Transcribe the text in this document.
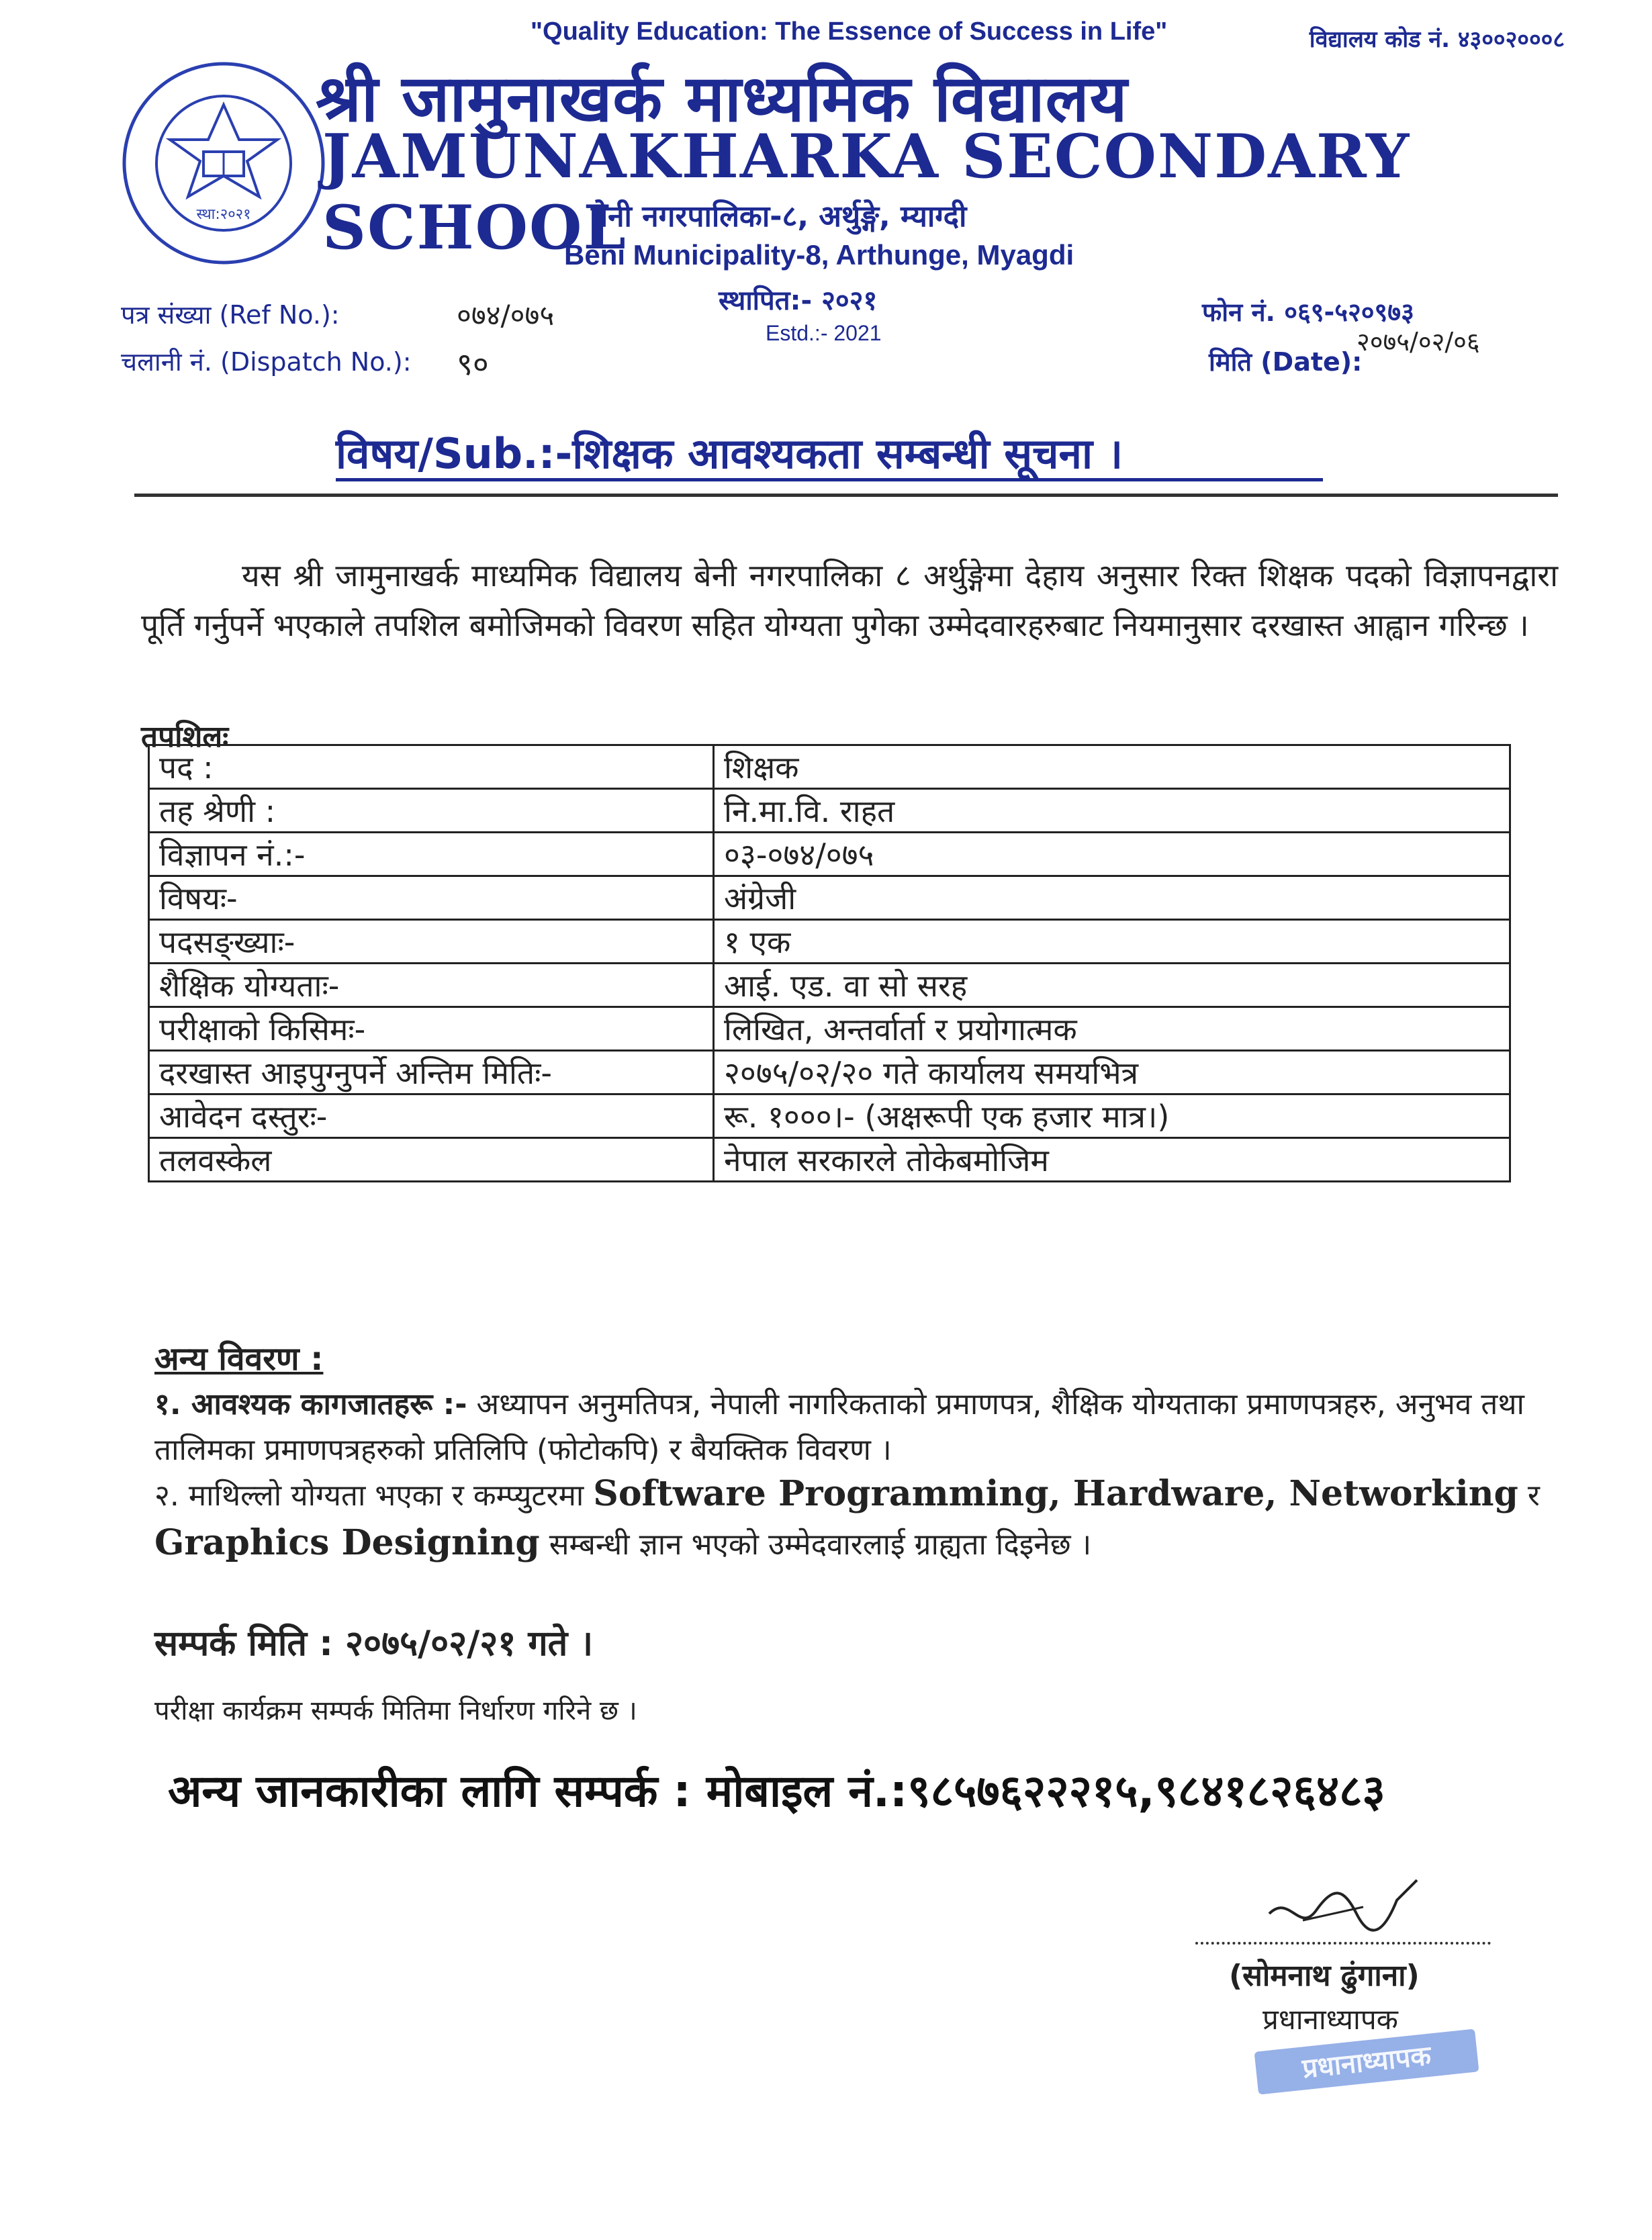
स्था:२०२१
"Quality Education: The Essence of Success in Life"	विद्यालय कोड नं. ४३००२०००८
श्री जामुनाखर्क माध्यमिक विद्यालय
JAMUNAKHARKA SECONDARY SCHOOL
बेनी नगरपालिका-८, अर्थुङ्गे, म्याग्दी
Beni Municipality-8, Arthunge, Myagdi
स्थापित:- २०२१
Estd.:- 2021
पत्र संख्या (Ref No.):	०७४/०७५
चलानी नं. (Dispatch No.): ९०
फोन नं. ०६९-५२०९७३
मिति (Date):
२०७५/०२/०६
विषय/Sub.:-शिक्षक आवश्यकता सम्बन्धी सूचना ।
यस श्री जामुनाखर्क माध्यमिक विद्यालय बेनी नगरपालिका ८ अर्थुङ्गेमा देहाय अनुसार रिक्त शिक्षक पदको विज्ञापनद्वारा पूर्ति गर्नुपर्ने भएकाले तपशिल बमोजिमको विवरण सहित योग्यता पुगेका उम्मेदवारहरुबाट नियमानुसार दरखास्त आह्वान गरिन्छ ।
तपशिलः
पद :	शिक्षक
तह श्रेणी :	नि.मा.वि. राहत
विज्ञापन नं.:-	०३-०७४/०७५
विषयः-	अंग्रेजी
पदसङ्ख्याः-	१ एक
शैक्षिक योग्यताः-	आई. एड. वा सो सरह
परीक्षाको किसिमः-	लिखित, अन्तर्वार्ता र प्रयोगात्मक
दरखास्त आइपुग्नुपर्ने अन्तिम मितिः-	२०७५/०२/२० गते कार्यालय समयभित्र
आवेदन दस्तुरः-	रू. १०००।- (अक्षरूपी एक हजार मात्र।)
तलवस्केल	नेपाल सरकारले तोकेबमोजिम
अन्य विवरण :
१. आवश्यक कागजातहरू :- अध्यापन अनुमतिपत्र, नेपाली नागरिकताको प्रमाणपत्र, शैक्षिक योग्यताका प्रमाणपत्रहरु, अनुभव तथा तालिमका प्रमाणपत्रहरुको प्रतिलिपि (फोटोकपि) र बैयक्तिक विवरण ।
२. माथिल्लो योग्यता भएका र कम्प्युटरमा Software Programming, Hardware, Networking र Graphics Designing सम्बन्धी ज्ञान भएको उम्मेदवारलाई ग्राह्यता दिइनेछ ।
सम्पर्क मिति : २०७५/०२/२१ गते ।
परीक्षा कार्यक्रम सम्पर्क मितिमा निर्धारण गरिने छ ।
अन्य जानकारीका लागि सम्पर्क : मोबाइल नं.:९८५७६२२२१५,९८४१८२६४८३
(सोमनाथ ढुंगाना)
प्रधानाध्यापक
प्रधानाध्यापक
